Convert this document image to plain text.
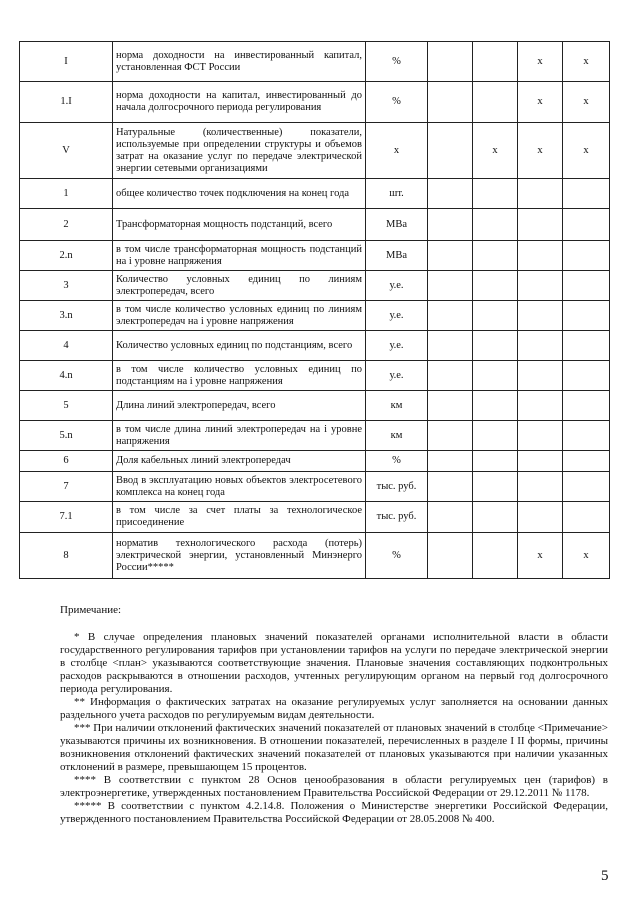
I	норма доходности на инвестированный капитал, установленная ФСТ России	%			x	x
1.I	норма доходности на капитал, инвестированный до начала долгосрочного периода регулирования	%			x	x
V	Натуральные (количественные) показатели, используемые при определении структуры и объемов затрат на оказание услуг по передаче электрической энергии сетевыми организациями	x		x	x	x
1	общее количество точек подключения на конец года	шт.				
2	Трансформаторная мощность подстанций, всего	МВа				
2.n	в том числе трансформаторная мощность подстанций на i уровне напряжения	МВа				
3	Количество условных единиц по линиям электропередач, всего	у.е.				
3.n	в том числе количество условных единиц по линиям электропередач на i уровне напряжения	у.е.				
4	Количество условных единиц по подстанциям, всего	у.е.				
4.n	в том числе количество условных единиц по подстанциям на i уровне напряжения	у.е.				
5	Длина линий электропередач, всего	км				
5.n	в том числе длина линий электропередач на i уровне напряжения	км				
6	Доля кабельных линий электропередач	%				
7	Ввод в эксплуатацию новых объектов электросетевого комплекса на конец года	тыс. руб.				
7.1	в том числе за счет платы за технологическое присоединение	тыс. руб.				
8	норматив технологического расхода (потерь) электрической энергии, установленный Минэнерго России*****	%			x	x
Примечание:

* В случае определения плановых значений показателей органами исполнительной власти в области государственного регулирования тарифов при установлении тарифов на услуги по передаче электрической энергии в столбце <план> указываются соответствующие значения. Плановые значения составляющих подконтрольных расходов раскрываются в отношении расходов, учтенных регулирующим органом на первый год долгосрочного периода регулирования.

** Информация о фактических затратах на оказание регулируемых услуг заполняется на основании данных раздельного учета расходов по регулируемым видам деятельности.

*** При наличии отклонений фактических значений показателей от плановых значений в столбце <Примечание> указываются причины их возникновения. В отношении показателей, перечисленных в разделе I II формы, причины возникновения отклонений фактических значений показателей от плановых указываются при наличии указанных отклонений в размере, превышающем 15 процентов.

**** В соответствии с пунктом 28 Основ ценообразования в области регулируемых цен (тарифов) в электроэнергетике, утвержденных постановлением Правительства Российской Федерации от 29.12.2011 № 1178.

***** В соответствии с пунктом 4.2.14.8. Положения о Министерстве энергетики Российской Федерации, утвержденного постановлением Правительства Российской Федерации от 28.05.2008 № 400.

5
